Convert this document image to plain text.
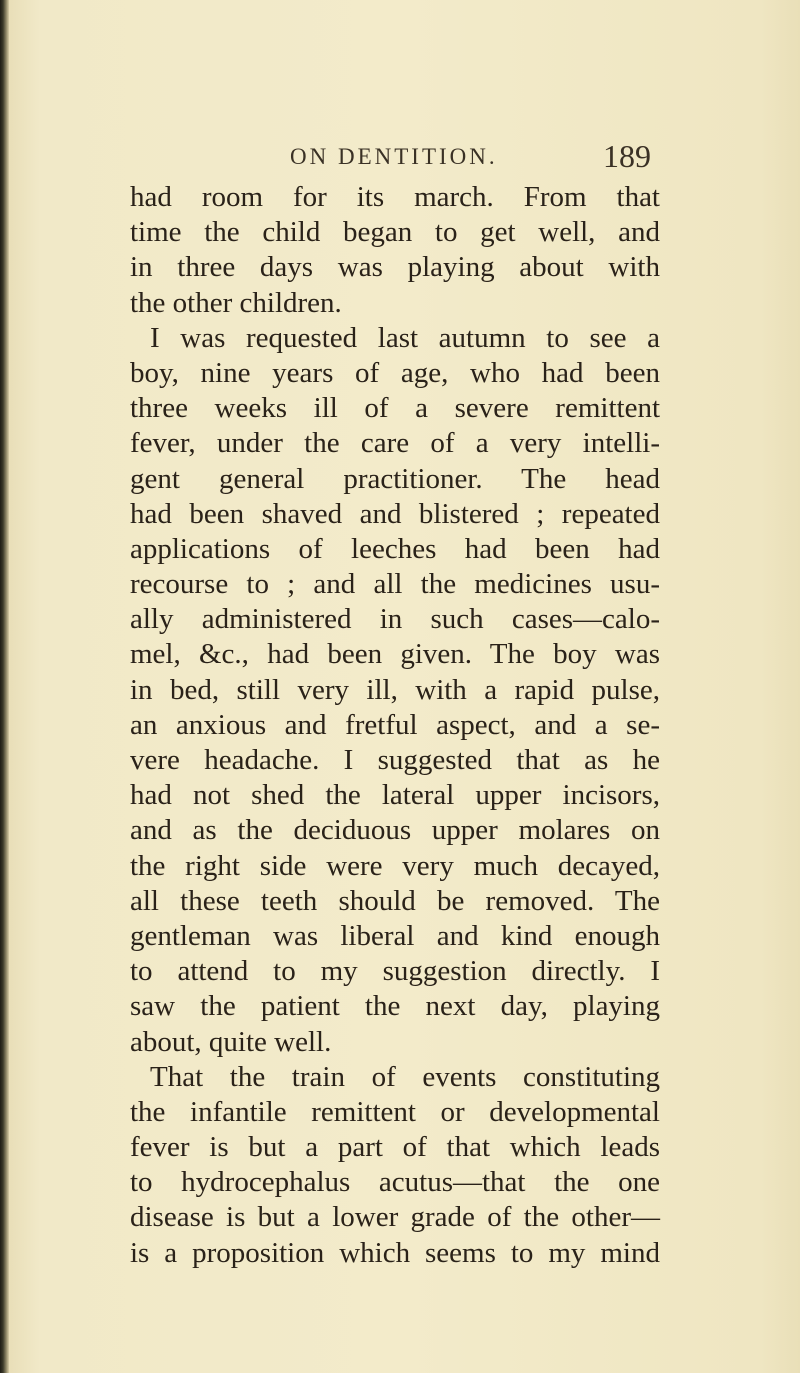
ON DENTITION.	189
had room for its march. From that
time the child began to get well, and
in three days was playing about with
the other children.
I was requested last autumn to see a
boy, nine years of age, who had been
three weeks ill of a severe remittent
fever, under the care of a very intelli-
gent general practitioner. The head
had been shaved and blistered ; repeated
applications of leeches had been had
recourse to ; and all the medicines usu-
ally administered in such cases—calo-
mel, &c., had been given. The boy was
in bed, still very ill, with a rapid pulse,
an anxious and fretful aspect, and a se-
vere headache. I suggested that as he
had not shed the lateral upper incisors,
and as the deciduous upper molares on
the right side were very much decayed,
all these teeth should be removed. The
gentleman was liberal and kind enough
to attend to my suggestion directly. I
saw the patient the next day, playing
about, quite well.
That the train of events constituting
the infantile remittent or developmental
fever is but a part of that which leads
to hydrocephalus acutus—that the one
disease is but a lower grade of the other—
is a proposition which seems to my mind
